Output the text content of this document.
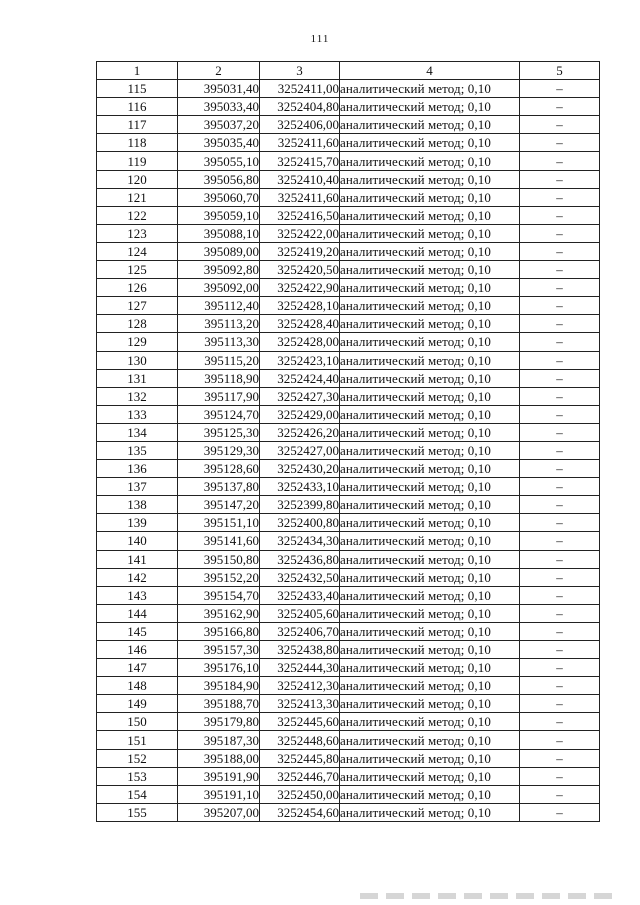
111
1	2	3	4	5
115	395031,40	3252411,00	аналитический метод; 0,10	–
116	395033,40	3252404,80	аналитический метод; 0,10	–
117	395037,20	3252406,00	аналитический метод; 0,10	–
118	395035,40	3252411,60	аналитический метод; 0,10	–
119	395055,10	3252415,70	аналитический метод; 0,10	–
120	395056,80	3252410,40	аналитический метод; 0,10	–
121	395060,70	3252411,60	аналитический метод; 0,10	–
122	395059,10	3252416,50	аналитический метод; 0,10	–
123	395088,10	3252422,00	аналитический метод; 0,10	–
124	395089,00	3252419,20	аналитический метод; 0,10	–
125	395092,80	3252420,50	аналитический метод; 0,10	–
126	395092,00	3252422,90	аналитический метод; 0,10	–
127	395112,40	3252428,10	аналитический метод; 0,10	–
128	395113,20	3252428,40	аналитический метод; 0,10	–
129	395113,30	3252428,00	аналитический метод; 0,10	–
130	395115,20	3252423,10	аналитический метод; 0,10	–
131	395118,90	3252424,40	аналитический метод; 0,10	–
132	395117,90	3252427,30	аналитический метод; 0,10	–
133	395124,70	3252429,00	аналитический метод; 0,10	–
134	395125,30	3252426,20	аналитический метод; 0,10	–
135	395129,30	3252427,00	аналитический метод; 0,10	–
136	395128,60	3252430,20	аналитический метод; 0,10	–
137	395137,80	3252433,10	аналитический метод; 0,10	–
138	395147,20	3252399,80	аналитический метод; 0,10	–
139	395151,10	3252400,80	аналитический метод; 0,10	–
140	395141,60	3252434,30	аналитический метод; 0,10	–
141	395150,80	3252436,80	аналитический метод; 0,10	–
142	395152,20	3252432,50	аналитический метод; 0,10	–
143	395154,70	3252433,40	аналитический метод; 0,10	–
144	395162,90	3252405,60	аналитический метод; 0,10	–
145	395166,80	3252406,70	аналитический метод; 0,10	–
146	395157,30	3252438,80	аналитический метод; 0,10	–
147	395176,10	3252444,30	аналитический метод; 0,10	–
148	395184,90	3252412,30	аналитический метод; 0,10	–
149	395188,70	3252413,30	аналитический метод; 0,10	–
150	395179,80	3252445,60	аналитический метод; 0,10	–
151	395187,30	3252448,60	аналитический метод; 0,10	–
152	395188,00	3252445,80	аналитический метод; 0,10	–
153	395191,90	3252446,70	аналитический метод; 0,10	–
154	395191,10	3252450,00	аналитический метод; 0,10	–
155	395207,00	3252454,60	аналитический метод; 0,10	–
